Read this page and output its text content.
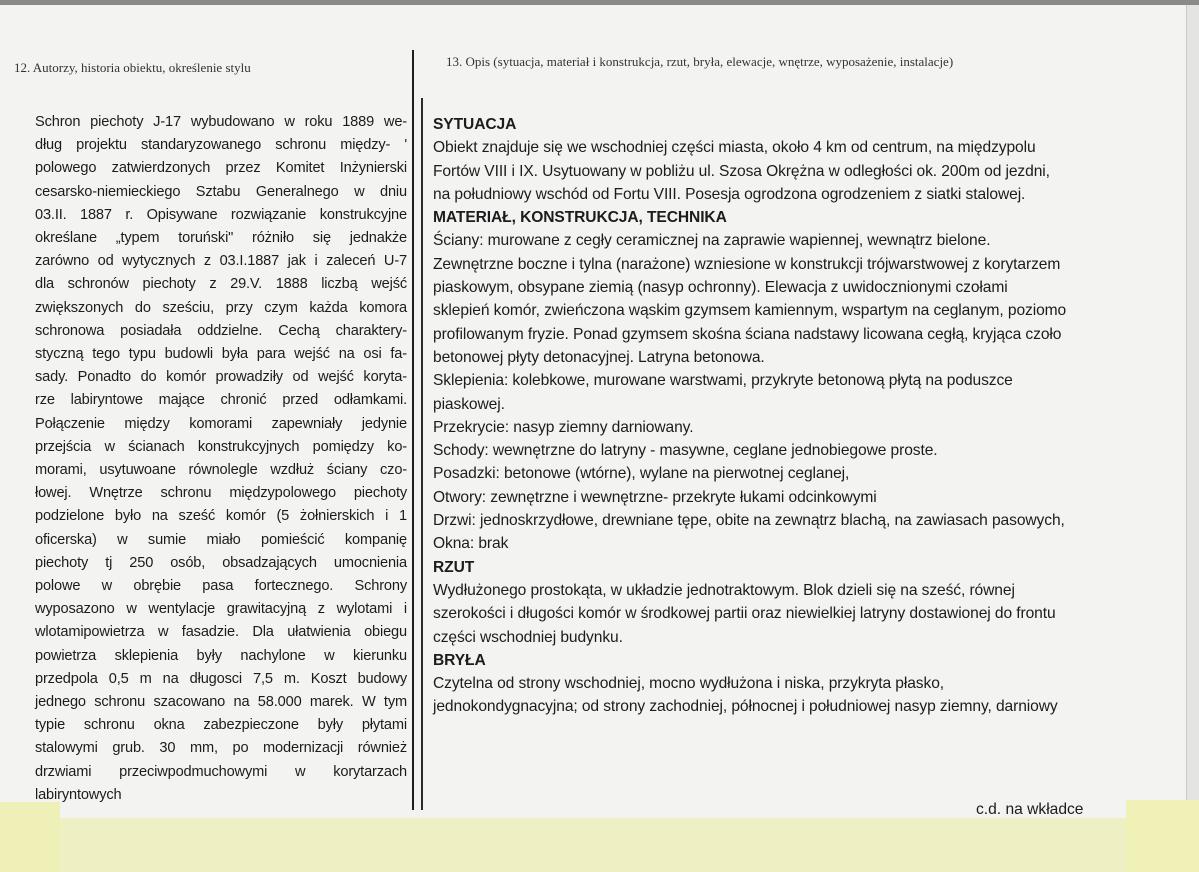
12. Autorzy, historia obiektu, określenie stylu	13. Opis (sytuacja, materiał i konstrukcja, rzut, bryła, elewacje, wnętrze, wyposażenie, instalacje)
Schron piechoty J-17 wybudowano w roku 1889 we-
dług projektu standaryzowanego schronu między- '
polowego zatwierdzonych przez Komitet Inżynierski
cesarsko-niemieckiego Sztabu Generalnego w dniu
03.II. 1887 r. Opisywane rozwiązanie konstrukcyjne
określane „typem toruński" różniło się jednakże
zarówno od wytycznych z 03.I.1887 jak i zaleceń U-7
dla schronów piechoty z 29.V. 1888 liczbą wejść
zwiększonych do sześciu, przy czym każda komora
schronowa posiadała oddzielne. Cechą charaktery-
styczną tego typu budowli była para wejść na osi fa-
sady. Ponadto do komór prowadziły od wejść koryta-
rze labiryntowe mające chronić przed odłamkami.
Połączenie między komorami zapewniały jedynie
przejścia w ścianach konstrukcyjnych pomiędzy ko-
morami, usytuwoane równolegle wzdłuż ściany czo-
łowej. Wnętrze schronu międzypolowego piechoty
podzielone było na sześć komór (5 żołnierskich i 1
oficerska) w sumie miało pomieścić kompanię
piechoty tj 250 osób, obsadzających umocnienia
polowe w obrębie pasa fortecznego. Schrony
wyposazono w wentylacje grawitacyjną z wylotami i
wlotamipowietrza w fasadzie. Dla ułatwienia obiegu
powietrza sklepienia były nachylone w kierunku
przedpola 0,5 m na długosci 7,5 m. Koszt budowy
jednego schronu szacowano na 58.000 marek. W tym
typie schronu okna zabezpieczone były płytami
stalowymi grub. 30 mm, po modernizacji również
drzwiami przeciwpodmuchowymi w korytarzach
labiryntowych
SYTUACJA
Obiekt znajduje się we wschodniej części miasta, około 4 km od centrum, na międzypolu
Fortów VIII i IX. Usytuowany w pobliżu ul. Szosa Okrężna w odległości ok. 200m od jezdni,
na południowy wschód od Fortu VIII. Posesja ogrodzona ogrodzeniem z siatki stalowej.
MATERIAŁ, KONSTRUKCJA, TECHNIKA
Ściany: murowane z cegły ceramicznej na zaprawie wapiennej, wewnątrz bielone.
Zewnętrzne boczne i tylna (narażone) wzniesione w konstrukcji trójwarstwowej z korytarzem
piaskowym, obsypane ziemią (nasyp ochronny). Elewacja z uwidocznionymi czołami
sklepień komór, zwieńczona wąskim gzymsem kamiennym, wspartym na ceglanym, poziomo
profilowanym fryzie. Ponad gzymsem skośna ściana nadstawy licowana cegłą, kryjąca czoło
betonowej płyty detonacyjnej. Latryna betonowa.
Sklepienia: kolebkowe, murowane warstwami, przykryte betonową płytą na poduszce
piaskowej.
Przekrycie: nasyp ziemny darniowany.
Schody: wewnętrzne do latryny - masywne, ceglane jednobiegowe proste.
Posadzki: betonowe (wtórne), wylane na pierwotnej ceglanej,
Otwory: zewnętrzne i wewnętrzne- przekryte łukami odcinkowymi
Drzwi: jednoskrzydłowe, drewniane tępe, obite na zewnątrz blachą, na zawiasach pasowych,
Okna: brak
RZUT
Wydłużonego prostokąta, w układzie jednotraktowym. Blok dzieli się na sześć, równej
szerokości i długości komór w środkowej partii oraz niewielkiej latryny dostawionej do frontu
części wschodniej budynku.
BRYŁA
Czytelna od strony wschodniej, mocno wydłużona i niska, przykryta płasko,
jednokondygnacyjna; od strony zachodniej, północnej i południowej nasyp ziemny, darniowy
c.d. na wkładce
